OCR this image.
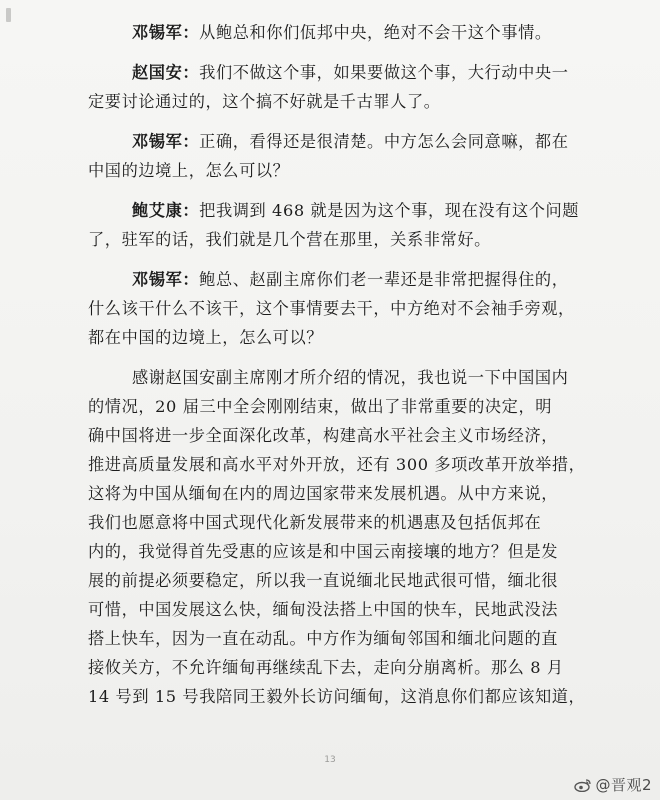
邓锡军：从鲍总和你们佤邦中央，绝对不会干这个事情。
赵国安：我们不做这个事，如果要做这个事，大行动中央一
定要讨论通过的，这个搞不好就是千古罪人了。
邓锡军：正确，看得还是很清楚。中方怎么会同意嘛，都在
中国的边境上，怎么可以？
鲍艾康：把我调到 468 就是因为这个事，现在没有这个问题
了，驻军的话，我们就是几个营在那里，关系非常好。
邓锡军：鲍总、赵副主席你们老一辈还是非常把握得住的，
什么该干什么不该干，这个事情要去干，中方绝对不会袖手旁观，
都在中国的边境上，怎么可以？
感谢赵国安副主席刚才所介绍的情况，我也说一下中国国内
的情况，20 届三中全会刚刚结束，做出了非常重要的决定，明
确中国将进一步全面深化改革，构建高水平社会主义市场经济，
推进高质量发展和高水平对外开放，还有 300 多项改革开放举措，
这将为中国从缅甸在内的周边国家带来发展机遇。从中方来说，
我们也愿意将中国式现代化新发展带来的机遇惠及包括佤邦在
内的，我觉得首先受惠的应该是和中国云南接壤的地方？但是发
展的前提必须要稳定，所以我一直说缅北民地武很可惜，缅北很
可惜，中国发展这么快，缅甸没法搭上中国的快车，民地武没法
搭上快车，因为一直在动乱。中方作为缅甸邻国和缅北问题的直
接攸关方，不允许缅甸再继续乱下去，走向分崩离析。那么 8 月
14 号到 15 号我陪同王毅外长访问缅甸，这消息你们都应该知道，
13
@晋观2
